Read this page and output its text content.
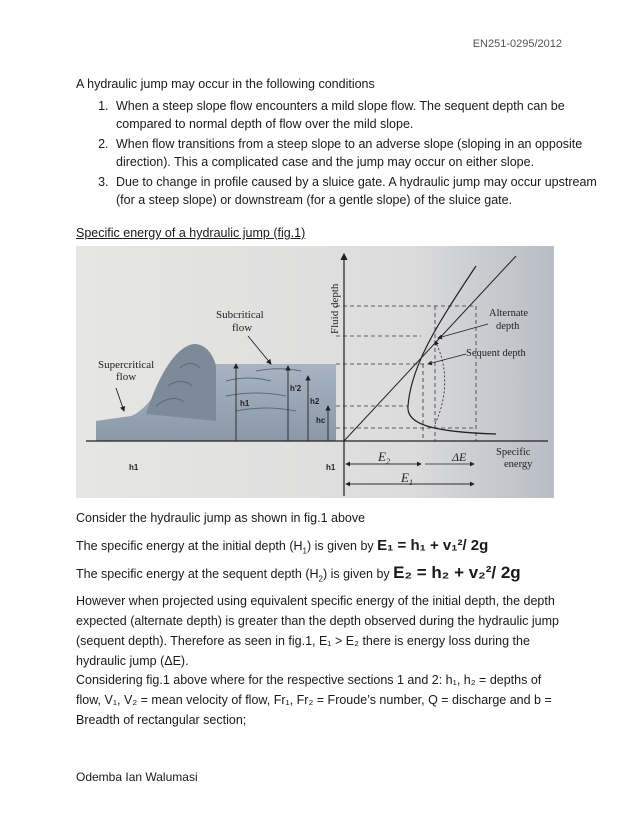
EN251-0295/2012
A hydraulic jump may occur in the following conditions
1. When a steep slope flow encounters a mild slope flow. The sequent depth can be compared to normal depth of flow over the mild slope.
2. When flow transitions from a steep slope to an adverse slope (sloping in an opposite direction). This a complicated case and the jump may occur on either slope.
3. Due to change in profile caused by a sluice gate. A hydraulic jump may occur upstream (for a steep slope) or downstream (for a gentle slope) of the sluice gate.
Specific energy of a hydraulic jump (fig.1)
Supercritical
flow
Subcritical
flow
h1
h'2
h2
hc
h1	h1
Fluid depth	Alternate
depth
Sequent depth
Specific
energy
$E_2$
$E_1$
ΔE
Consider the hydraulic jump as shown in fig.1 above
The specific energy at the initial depth $(H_1)$ is given by E₁ = h₁ + v₁²/ 2g
The specific energy at the sequent depth $(H_2)$ is given by E₂ = h₂ + v₂²/ 2g
However when projected using equivalent specific energy of the initial depth, the depth expected (alternate depth) is greater than the depth observed during the hydraulic jump (sequent depth). Therefore as seen in fig.1, E₁ > E₂ there is energy loss during the hydraulic jump (ΔE).
Considering fig.1 above where for the respective sections 1 and 2: h₁, h₂ = depths of flow, V₁, V₂ = mean velocity of flow, Fr₁, Fr₂ = Froude’s number, Q = discharge and b = Breadth of rectangular section;
Odemba Ian Walumasi
